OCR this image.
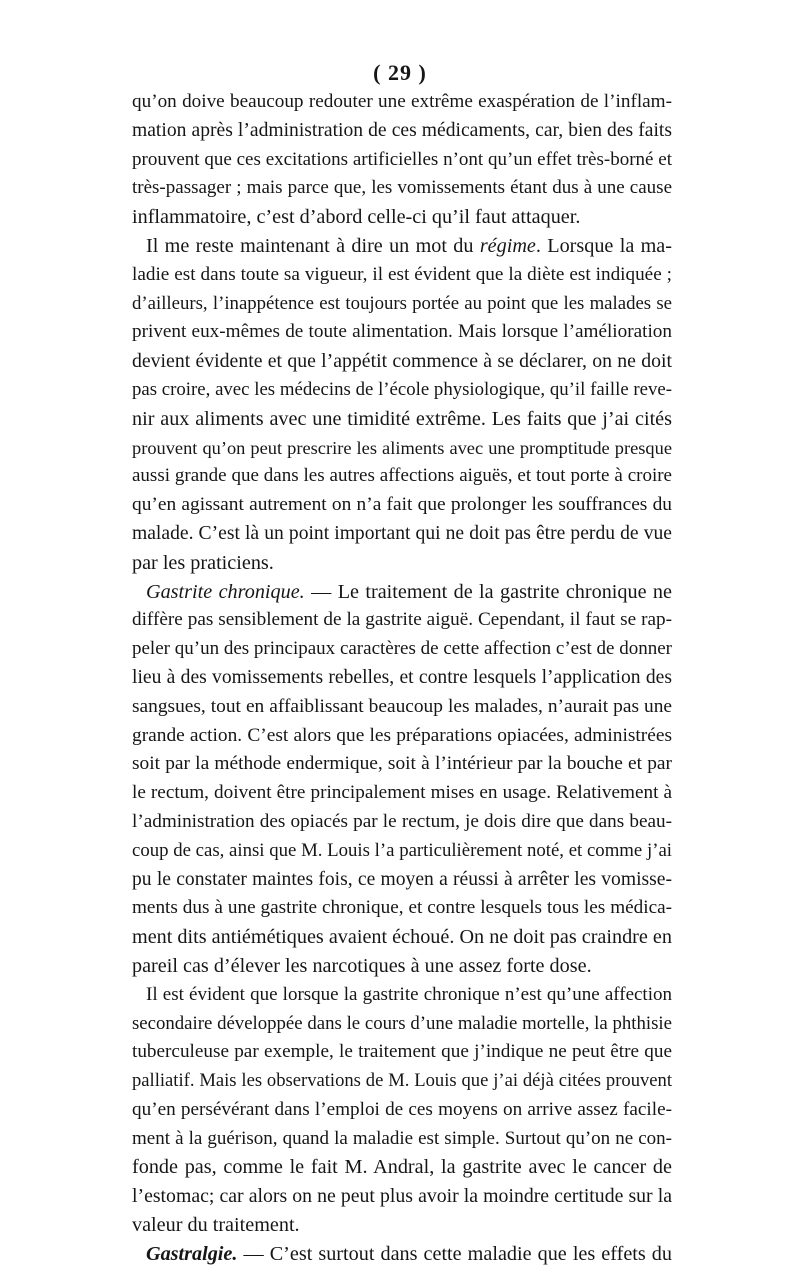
( 29 )
qu’on doive beaucoup redouter une extrême exaspération de l’inflam-
mation après l’administration de ces médicaments, car, bien des faits
prouvent que ces excitations artificielles n’ont qu’un effet très-borné et
très-passager ; mais parce que, les vomissements étant dus à une cause
inflammatoire, c’est d’abord celle-ci qu’il faut attaquer.
Il me reste maintenant à dire un mot du régime. Lorsque la ma-
ladie est dans toute sa vigueur, il est évident que la diète est indiquée ;
d’ailleurs, l’inappétence est toujours portée au point que les malades se
privent eux-mêmes de toute alimentation. Mais lorsque l’amélioration
devient évidente et que l’appétit commence à se déclarer, on ne doit
pas croire, avec les médecins de l’école physiologique, qu’il faille reve-
nir aux aliments avec une timidité extrême. Les faits que j’ai cités
prouvent qu’on peut prescrire les aliments avec une promptitude presque
aussi grande que dans les autres affections aiguës, et tout porte à croire
qu’en agissant autrement on n’a fait que prolonger les souffrances du
malade. C’est là un point important qui ne doit pas être perdu de vue
par les praticiens.
Gastrite chronique. — Le traitement de la gastrite chronique ne
diffère pas sensiblement de la gastrite aiguë. Cependant, il faut se rap-
peler qu’un des principaux caractères de cette affection c’est de donner
lieu à des vomissements rebelles, et contre lesquels l’application des
sangsues, tout en affaiblissant beaucoup les malades, n’aurait pas une
grande action. C’est alors que les préparations opiacées, administrées
soit par la méthode endermique, soit à l’intérieur par la bouche et par
le rectum, doivent être principalement mises en usage. Relativement à
l’administration des opiacés par le rectum, je dois dire que dans beau-
coup de cas, ainsi que M. Louis l’a particulièrement noté, et comme j’ai
pu le constater maintes fois, ce moyen a réussi à arrêter les vomisse-
ments dus à une gastrite chronique, et contre lesquels tous les médica-
ment dits antiémétiques avaient échoué. On ne doit pas craindre en
pareil cas d’élever les narcotiques à une assez forte dose.
Il est évident que lorsque la gastrite chronique n’est qu’une affection
secondaire développée dans le cours d’une maladie mortelle, la phthisie
tuberculeuse par exemple, le traitement que j’indique ne peut être que
palliatif. Mais les observations de M. Louis que j’ai déjà citées prouvent
qu’en persévérant dans l’emploi de ces moyens on arrive assez facile-
ment à la guérison, quand la maladie est simple. Surtout qu’on ne con-
fonde pas, comme le fait M. Andral, la gastrite avec le cancer de
l’estomac; car alors on ne peut plus avoir la moindre certitude sur la
valeur du traitement.
Gastralgie. — C’est surtout dans cette maladie que les effets du
